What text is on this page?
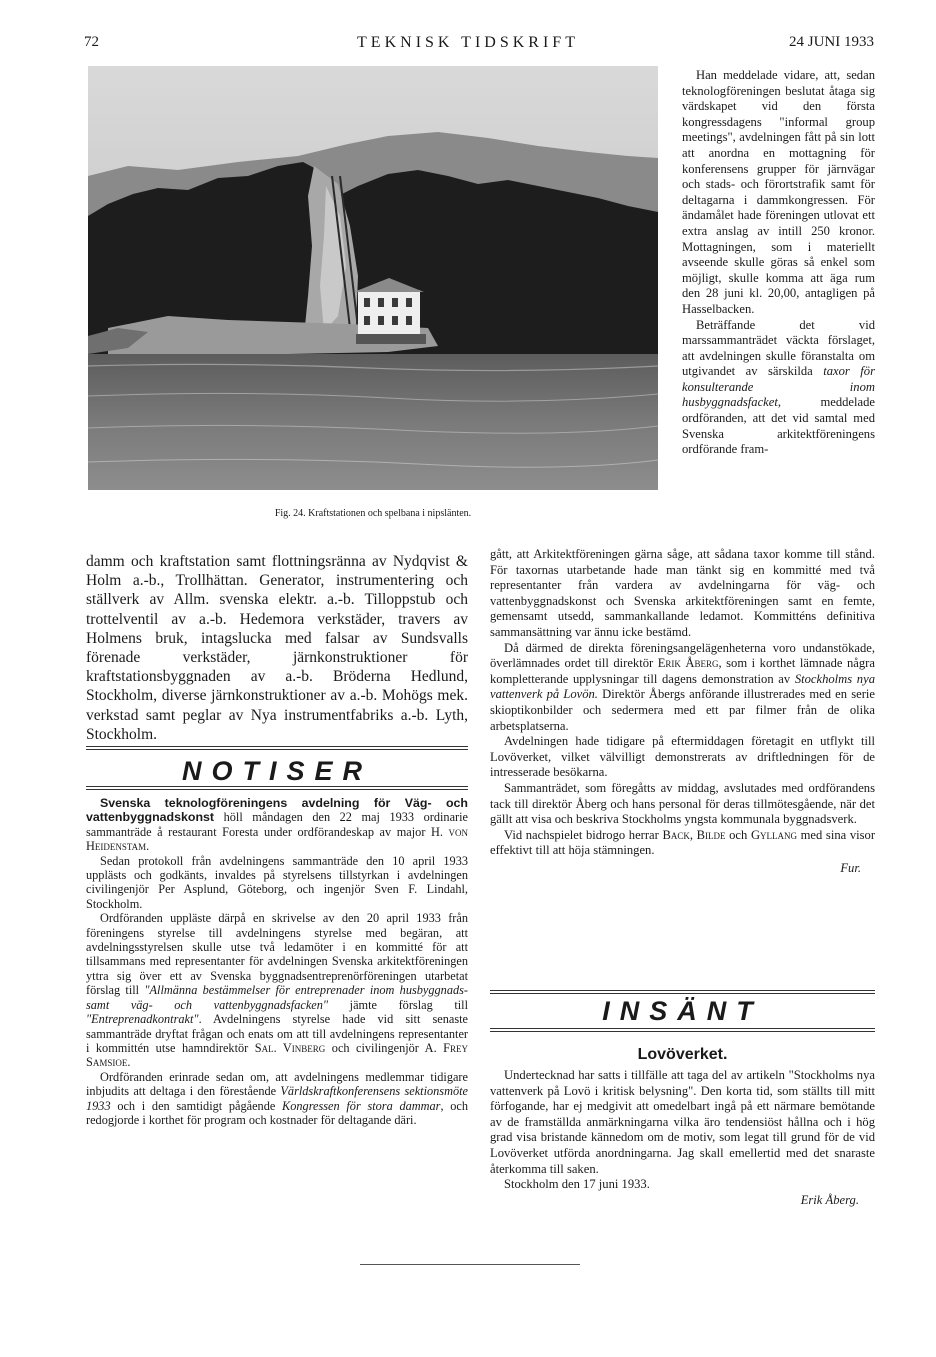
72	TEKNISK TIDSKRIFT	24 JUNI 1933
Fig. 24. Kraftstationen och spelbana i nipslänten.

Han meddelade vidare, att, sedan teknologföreningen beslutat åtaga sig värdskapet vid den första kongressdagens "informal group meetings", avdelningen fått på sin lott att anordna en mottagning för konferensens grupper för järnvägar och stads- och förortstrafik samt för deltagarna i dammkongressen. För ändamålet hade föreningen utlovat ett extra anslag av intill 250 kronor. Mottagningen, som i materiellt avseende skulle göras så enkel som möjligt, skulle komma att äga rum den 28 juni kl. 20,00, antagligen på Hasselbacken.

Beträffande det vid marssammanträdet väckta förslaget, att avdelningen skulle föranstalta om utgivandet av särskilda taxor för konsulterande inom husbyggnadsfacket, meddelade ordföranden, att det vid samtal med Svenska arkitektföreningens ordförande fram-

gått, att Arkitektföreningen gärna såge, att sådana taxor komme till stånd. För taxornas utarbetande hade man tänkt sig en kommitté med två representanter från vardera av avdelningarna för väg- och vattenbyggnadskonst och Svenska arkitektföreningen samt en femte, gemensamt utsedd, sammankallande ledamot. Kommitténs definitiva sammansättning var ännu icke bestämd.

Då därmed de direkta föreningsangelägenheterna voro undanstökade, överlämnades ordet till direktör Erik Åberg, som i korthet lämnade några kompletterande upplysningar till dagens demonstration av Stockholms nya vattenverk på Lovön. Direktör Åbergs anförande illustrerades med en serie skioptikonbilder och sedermera med ett par filmer från de olika arbetsplatserna.

Avdelningen hade tidigare på eftermiddagen företagit en utflykt till Lovöverket, vilket välvilligt demonstrerats av driftledningen för de intresserade besökarna.

Sammanträdet, som föregåtts av middag, avslutades med ordförandens tack till direktör Åberg och hans personal för deras tillmötesgående, när det gällt att visa och beskriva Stockholms yngsta kommunala byggnadsverk.

Vid nachspielet bidrogo herrar Back, Bilde och Gyllang med sina visor effektivt till att höja stämningen.

Fur.

damm och kraftstation samt flottningsränna av Nydqvist & Holm a.-b., Trollhättan. Generator, instrumentering och ställverk av Allm. svenska elektr. a.-b. Tilloppstub och trottelventil av a.-b. Hedemora verkstäder, travers av Holmens bruk, intagslucka med falsar av Sundsvalls förenade verkstäder, järnkonstruktioner för kraftstationsbyggnaden av a.-b. Bröderna Hedlund, Stockholm, diverse järnkonstruktioner av a.-b. Mohögs mek. verkstad samt peglar av Nya instrumentfabriks a.-b. Lyth, Stockholm.
NOTISER

Svenska teknologföreningens avdelning för Väg- och vattenbyggnadskonst höll måndagen den 22 maj 1933 ordinarie sammanträde å restaurant Foresta under ordförandeskap av major H. von Heidenstam.

Sedan protokoll från avdelningens sammanträde den 10 april 1933 upplästs och godkänts, invaldes på styrelsens tillstyrkan i avdelningen civilingenjör Per Asplund, Göteborg, och ingenjör Sven F. Lindahl, Stockholm.

Ordföranden uppläste därpå en skrivelse av den 20 april 1933 från föreningens styrelse till avdelningens styrelse med begäran, att avdelningsstyrelsen skulle utse två ledamöter i en kommitté för att tillsammans med representanter för avdelningen Svenska arkitektföreningen yttra sig över ett av Svenska byggnadsentreprenörföreningen utarbetat förslag till "Allmänna bestämmelser för entreprenader inom husbyggnads- samt väg- och vattenbyggnadsfacken" jämte förslag till "Entreprenadkontrakt". Avdelningens styrelse hade vid sitt senaste sammanträde dryftat frågan och enats om att till avdelningens representanter i kommittén utse hamndirektör Sal. Vinberg och civilingenjör A. Frey Samsioe.

Ordföranden erinrade sedan om, att avdelningens medlemmar tidigare inbjudits att deltaga i den förestående Världskraftkonferensens sektionsmöte 1933 och i den samtidigt pågående Kongressen för stora dammar, och redogjorde i korthet för program och kostnader för deltagande däri.

INSÄNT
Lovöverket.

Undertecknad har satts i tillfälle att taga del av artikeln "Stockholms nya vattenverk på Lovö i kritisk belysning". Den korta tid, som ställts till mitt förfogande, har ej medgivit att omedelbart ingå på ett närmare bemötande av de framställda anmärkningarna vilka äro tendensiöst hållna och i hög grad visa bristande kännedom om de motiv, som legat till grund för de vid Lovöverket utförda anordningarna. Jag skall emellertid med det snaraste återkomma till saken.

Stockholm den 17 juni 1933.

Erik Åberg.
